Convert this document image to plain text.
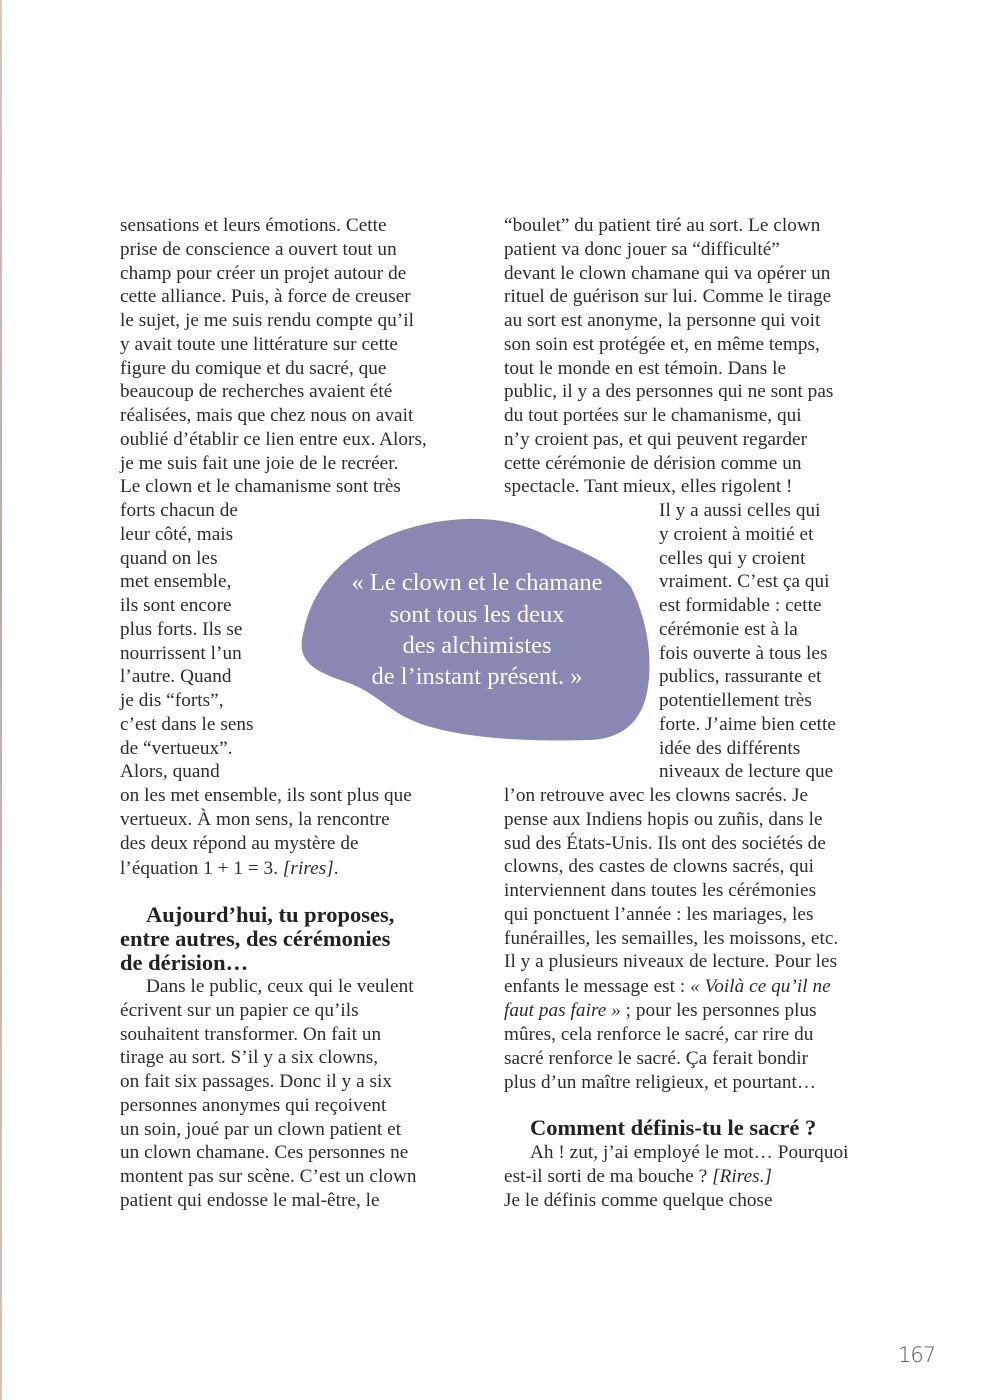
sensations et leurs émotions. Cette
prise de conscience a ouvert tout un
champ pour créer un projet autour de
cette alliance. Puis, à force de creuser
le sujet, je me suis rendu compte qu’il
y avait toute une littérature sur cette
figure du comique et du sacré, que
beaucoup de recherches avaient été
réalisées, mais que chez nous on avait
oublié d’établir ce lien entre eux. Alors,
je me suis fait une joie de le recréer.
Le clown et le chamanisme sont très
forts chacun de
leur côté, mais
quand on les
met ensemble,
ils sont encore
plus forts. Ils se
nourrissent l’un
l’autre. Quand
je dis “forts”,
c’est dans le sens
de “vertueux”.
Alors, quand
on les met ensemble, ils sont plus que
vertueux. À mon sens, la rencontre
des deux répond au mystère de
l’équation 1 + 1 = 3. [rires].
Aujourd’hui, tu proposes,
entre autres, des cérémonies
de dérision…
Dans le public, ceux qui le veulent
écrivent sur un papier ce qu’ils
souhaitent transformer. On fait un
tirage au sort. S’il y a six clowns,
on fait six passages. Donc il y a six
personnes anonymes qui reçoivent
un soin, joué par un clown patient et
un clown chamane. Ces personnes ne
montent pas sur scène. C’est un clown
patient qui endosse le mal-être, le
“boulet” du patient tiré au sort. Le clown
patient va donc jouer sa “difficulté”
devant le clown chamane qui va opérer un
rituel de guérison sur lui. Comme le tirage
au sort est anonyme, la personne qui voit
son soin est protégée et, en même temps,
tout le monde en est témoin. Dans le
public, il y a des personnes qui ne sont pas
du tout portées sur le chamanisme, qui
n’y croient pas, et qui peuvent regarder
cette cérémonie de dérision comme un
spectacle. Tant mieux, elles rigolent !
Il y a aussi celles qui
y croient à moitié et
celles qui y croient
vraiment. C’est ça qui
est formidable : cette
cérémonie est à la
fois ouverte à tous les
publics, rassurante et
potentiellement très
forte. J’aime bien cette
idée des différents
niveaux de lecture que
l’on retrouve avec les clowns sacrés. Je
pense aux Indiens hopis ou zuñis, dans le
sud des États-Unis. Ils ont des sociétés de
clowns, des castes de clowns sacrés, qui
interviennent dans toutes les cérémonies
qui ponctuent l’année : les mariages, les
funérailles, les semailles, les moissons, etc.
Il y a plusieurs niveaux de lecture. Pour les
enfants le message est : « Voilà ce qu’il ne
faut pas faire » ; pour les personnes plus
mûres, cela renforce le sacré, car rire du
sacré renforce le sacré. Ça ferait bondir
plus d’un maître religieux, et pourtant…
Comment définis-tu le sacré ?
Ah ! zut, j’ai employé le mot… Pourquoi
est-il sorti de ma bouche ? [Rires.]
Je le définis comme quelque chose
« Le clown et le chamane
sont tous les deux
des alchimistes
de l’instant présent. »
167
